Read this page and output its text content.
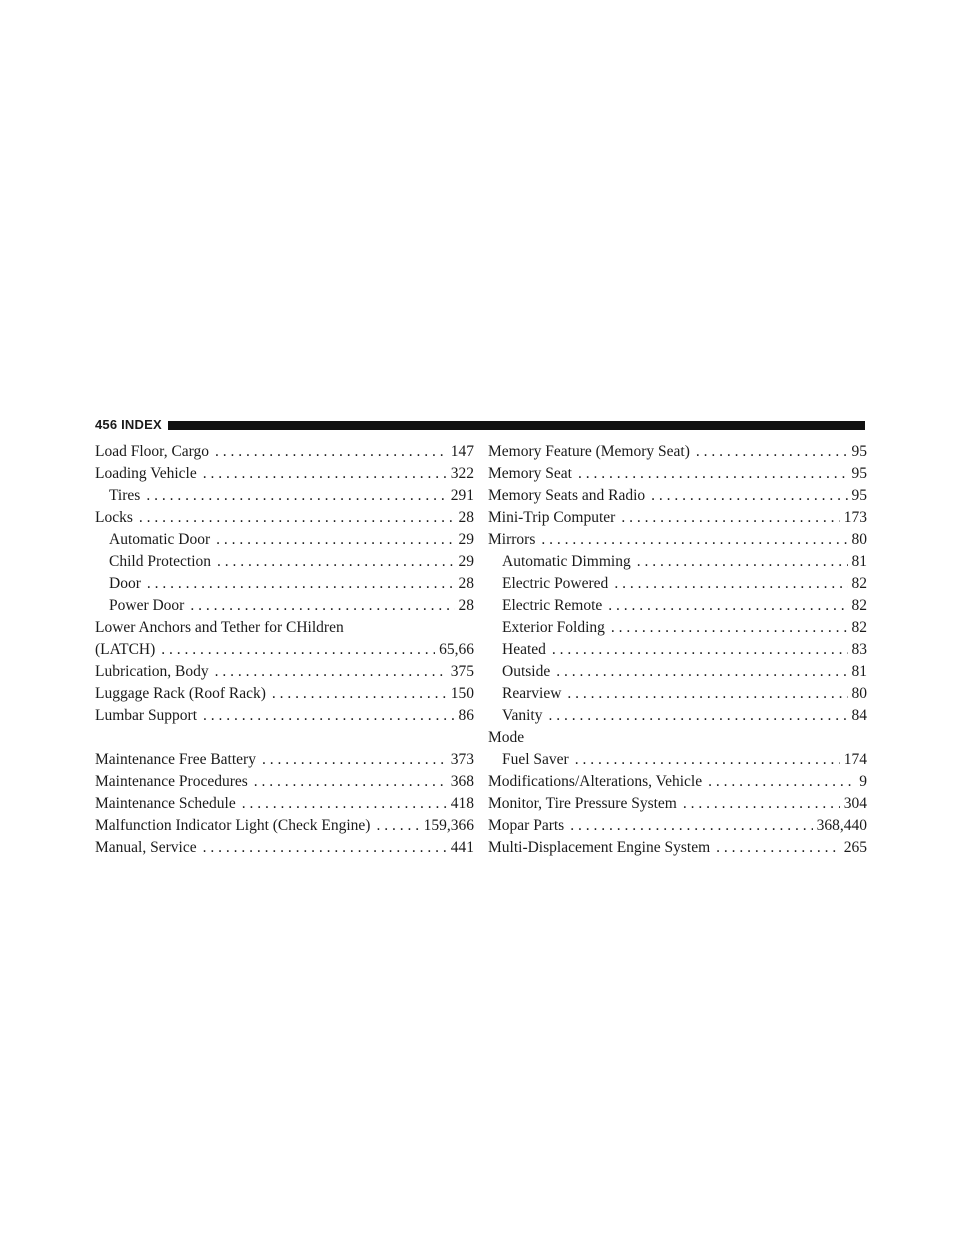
456 INDEX
Load Floor, Cargo . . .	147
Loading Vehicle . . .	322
Tires . . .	291
Locks . . .	28
Automatic Door . . .	29
Child Protection . . .	29
Door . . .	28
Power Door . . .	28
Lower Anchors and Tether for CHildren
(LATCH) . . .	65,66
Lubrication, Body . . .	375
Luggage Rack (Roof Rack) . . .	150
Lumbar Support . . .	86
Maintenance Free Battery . . .	373
Maintenance Procedures . . .	368
Maintenance Schedule . . .	418
Malfunction Indicator Light (Check Engine) . . .	159,366
Manual, Service . . .	441
Memory Feature (Memory Seat) . . .	95
Memory Seat . . .	95
Memory Seats and Radio . . .	95
Mini-Trip Computer . . .	173
Mirrors . . .	80
Automatic Dimming . . .	81
Electric Powered . . .	82
Electric Remote . . .	82
Exterior Folding . . .	82
Heated . . .	83
Outside . . .	81
Rearview . . .	80
Vanity . . .	84
Mode
Fuel Saver . . .	174
Modifications/Alterations, Vehicle . . .	9
Monitor, Tire Pressure System . . .	304
Mopar Parts . . .	368,440
Multi-Displacement Engine System . . .	265
